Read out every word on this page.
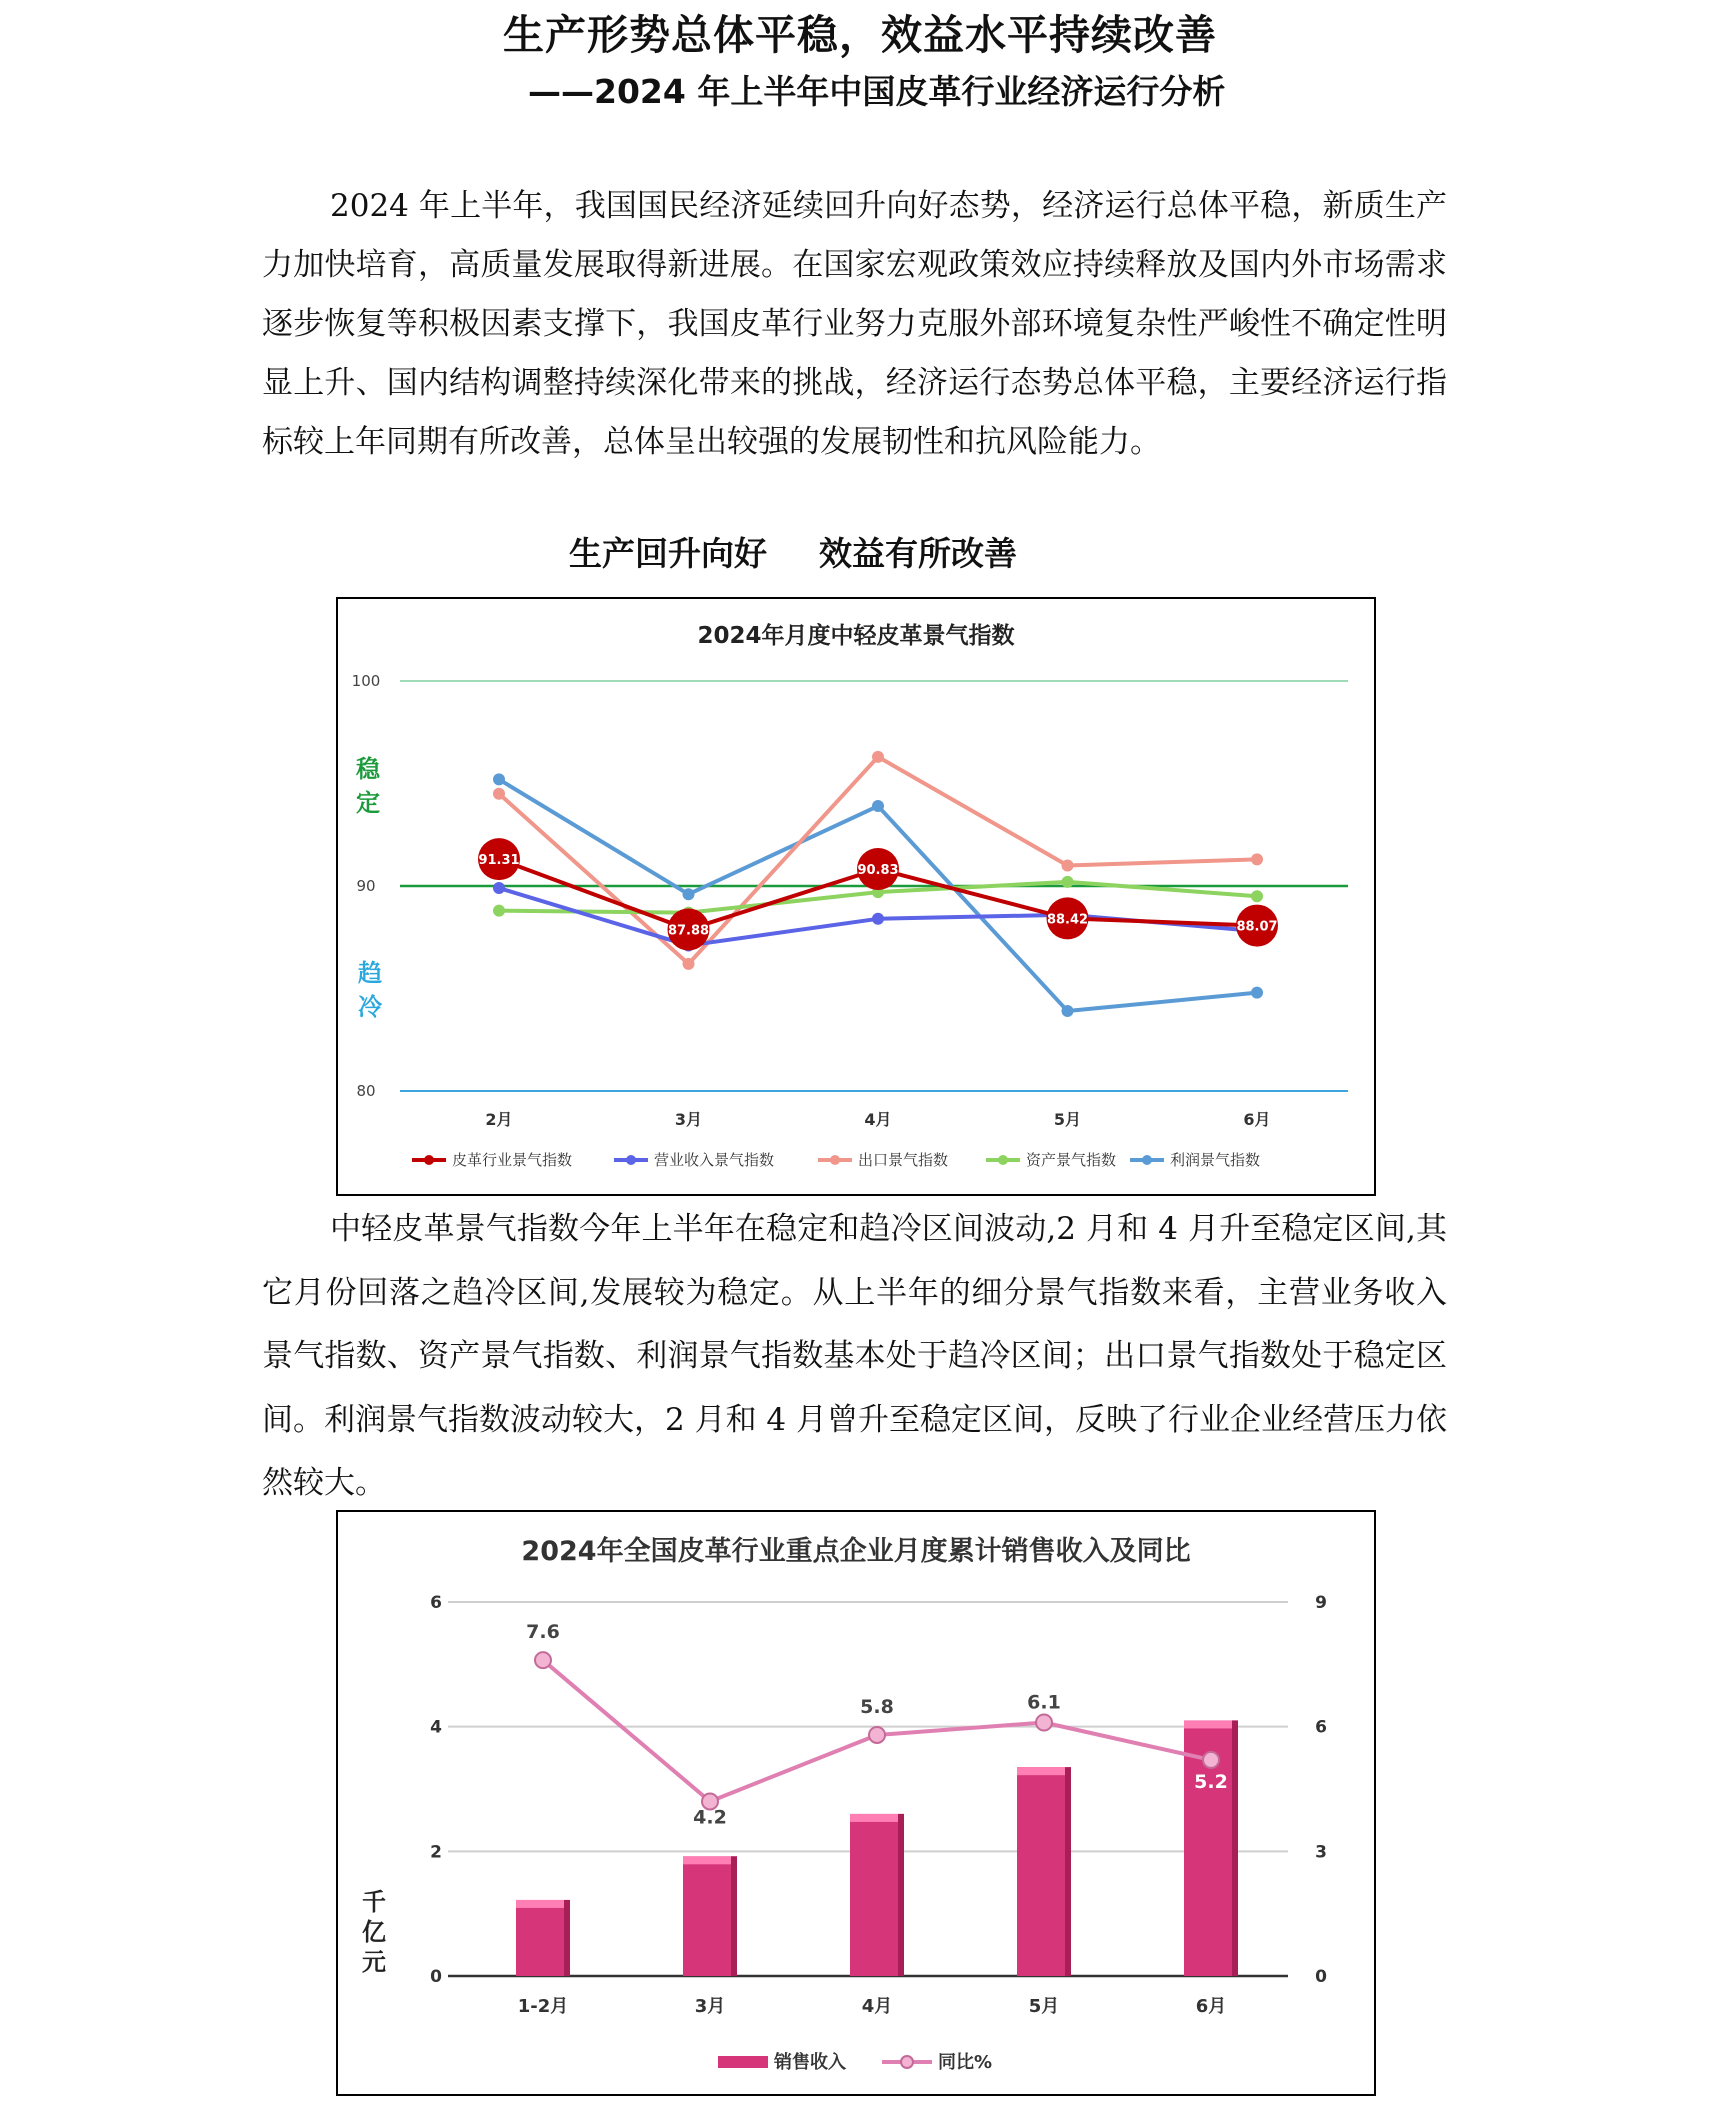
生产形势总体平稳，效益水平持续改善
——2024 年上半年中国皮革行业经济运行分析
2024 年上半年，我国国民经济延续回升向好态势，经济运行总体平稳，新质生产力加快培育，高质量发展取得新进展。在国家宏观政策效应持续释放及国内外市场需求逐步恢复等积极因素支撑下，我国皮革行业努力克服外部环境复杂性严峻性不确定性明显上升、国内结构调整持续深化带来的挑战，经济运行态势总体平稳，主要经济运行指标较上年同期有所改善，总体呈出较强的发展韧性和抗风险能力。
生产回升向好 效益有所改善
2024年月度中轻皮革景气指数
80
90
100
稳
定
趋
冷
2月	3月	4月	5月	6月
91.31
87.88
90.83
88.42	88.07
皮革行业景气指数	营业收入景气指数	出口景气指数	资产景气指数	利润景气指数
中轻皮革景气指数今年上半年在稳定和趋冷区间波动,2 月和 4 月升至稳定区间,其它月份回落之趋冷区间,发展较为稳定。从上半年的细分景气指数来看，主营业务收入景气指数、资产景气指数、利润景气指数基本处于趋冷区间；出口景气指数处于稳定区间。利润景气指数波动较大，2 月和 4 月曾升至稳定区间，反映了行业企业经营压力依然较大。
2024年全国皮革行业重点企业月度累计销售收入及同比
0
2
4
6
0
3
6
9
千
亿
元
1-2月	3月	4月	5月	6月
7.6
4.2
5.8	6.1
5.2
销售收入	同比%
